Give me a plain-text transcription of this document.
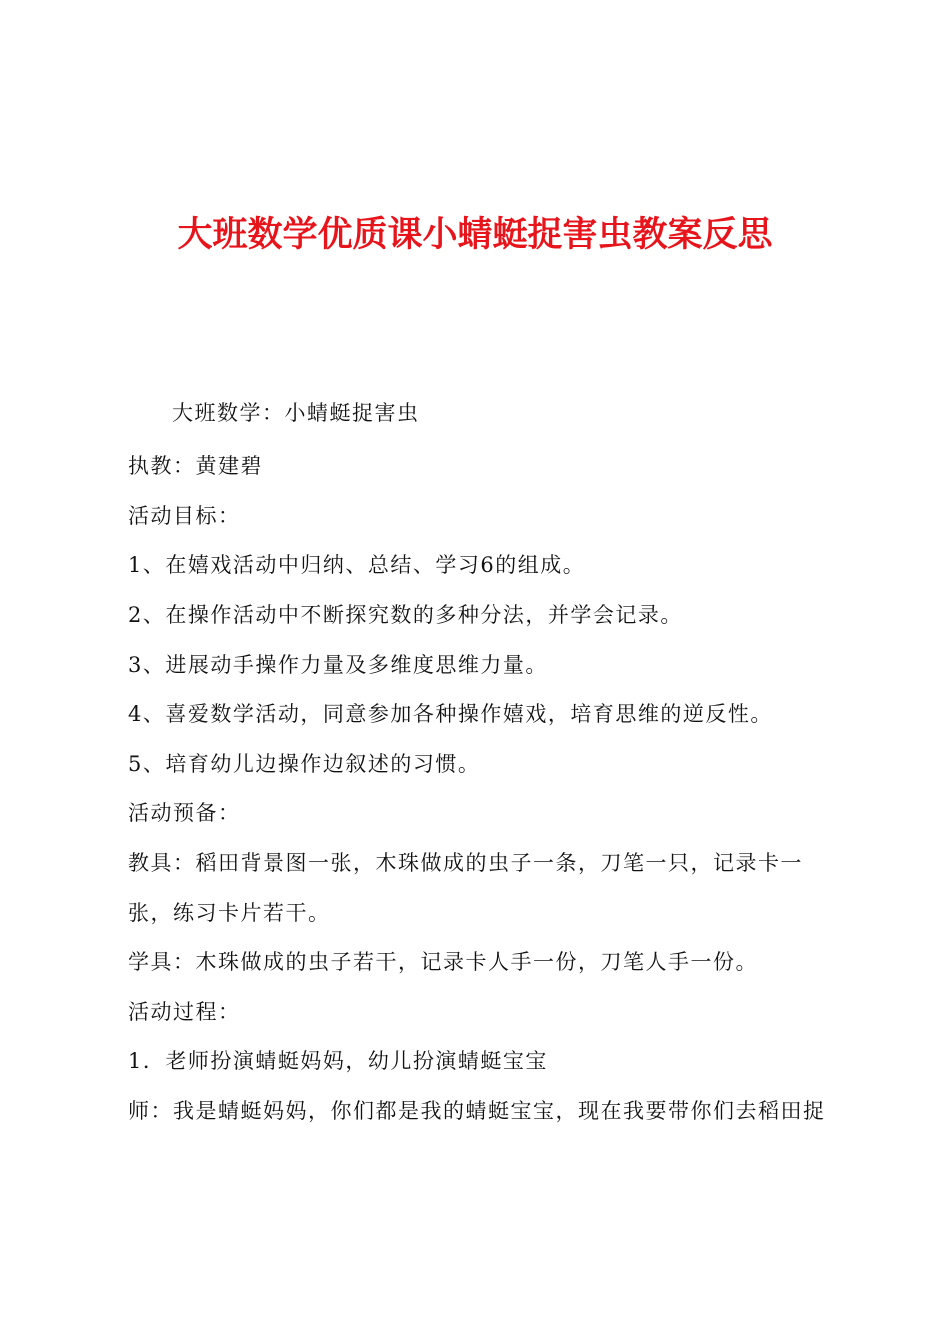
大班数学优质课小蜻蜓捉害虫教案反思

大班数学：小蜻蜓捉害虫

执教：黄建碧

活动目标：

1、在嬉戏活动中归纳、总结、学习6的组成。

2、在操作活动中不断探究数的多种分法，并学会记录。

3、进展动手操作力量及多维度思维力量。

4、喜爱数学活动，同意参加各种操作嬉戏，培育思维的逆反性。

5、培育幼儿边操作边叙述的习惯。

活动预备：

教具：稻田背景图一张，木珠做成的虫子一条，刀笔一只，记录卡一

张，练习卡片若干。

学具：木珠做成的虫子若干，记录卡人手一份，刀笔人手一份。

活动过程：

1．老师扮演蜻蜓妈妈，幼儿扮演蜻蜓宝宝

师：我是蜻蜓妈妈，你们都是我的蜻蜓宝宝，现在我要带你们去稻田捉
